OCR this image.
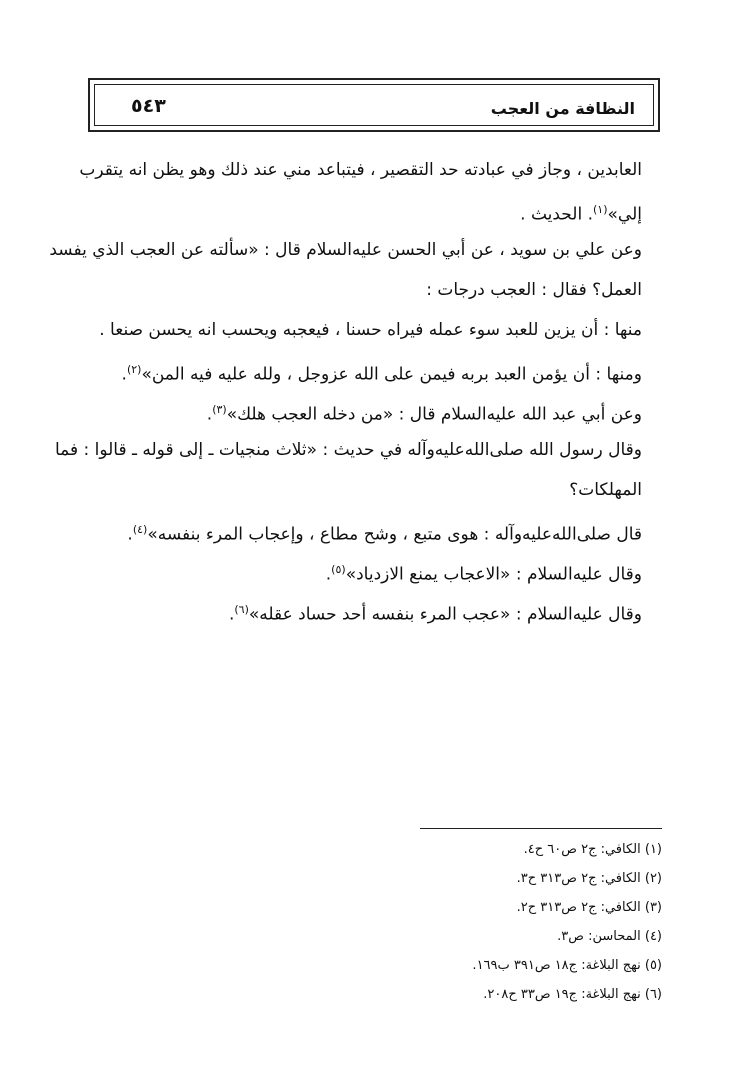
٥٤٣	النظافة من العجب
العابدين ، وجاز في عبادته حد التقصير ، فيتباعد مني عند ذلك وهو يظن انه يتقرب
إلي»$^{(١)}$. الحديث .
وعن علي بن سويد ، عن أبي الحسن عليه‌السلام قال : «سألته عن العجب الذي يفسد
العمل؟ فقال : العجب درجات :
منها : أن يزين للعبد سوء عمله فيراه حسنا ، فيعجبه ويحسب انه يحسن صنعا .
ومنها : أن يؤمن العبد بربه فيمن على الله عزوجل ، ولله عليه فيه المن»$^{(٢)}$.
وعن أبي عبد الله عليه‌السلام قال : «من دخله العجب هلك»$^{(٣)}$.
وقال رسول الله صلى‌الله‌عليه‌وآله في حديث : «ثلاث منجيات ـ إلى قوله ـ قالوا : فما
المهلكات؟
قال صلى‌الله‌عليه‌وآله : هوى متبع ، وشح مطاع ، وإعجاب المرء بنفسه»$^{(٤)}$.
وقال عليه‌السلام : «الاعجاب يمنع الازدياد»$^{(٥)}$.
وقال عليه‌السلام : «عجب المرء بنفسه أحد حساد عقله»$^{(٦)}$.
(١) الكافي: ج٢ ص٦٠ ح٤.
(٢) الكافي: ج٢ ص٣١٣ ح٣.
(٣) الكافي: ج٢ ص٣١٣ ح٢.
(٤) المحاسن: ص٣.
(٥) نهج البلاغة: ج١٨ ص٣٩١ ب١٦٩.
(٦) نهج البلاغة: ج١٩ ص٣٣ ح٢٠٨.
